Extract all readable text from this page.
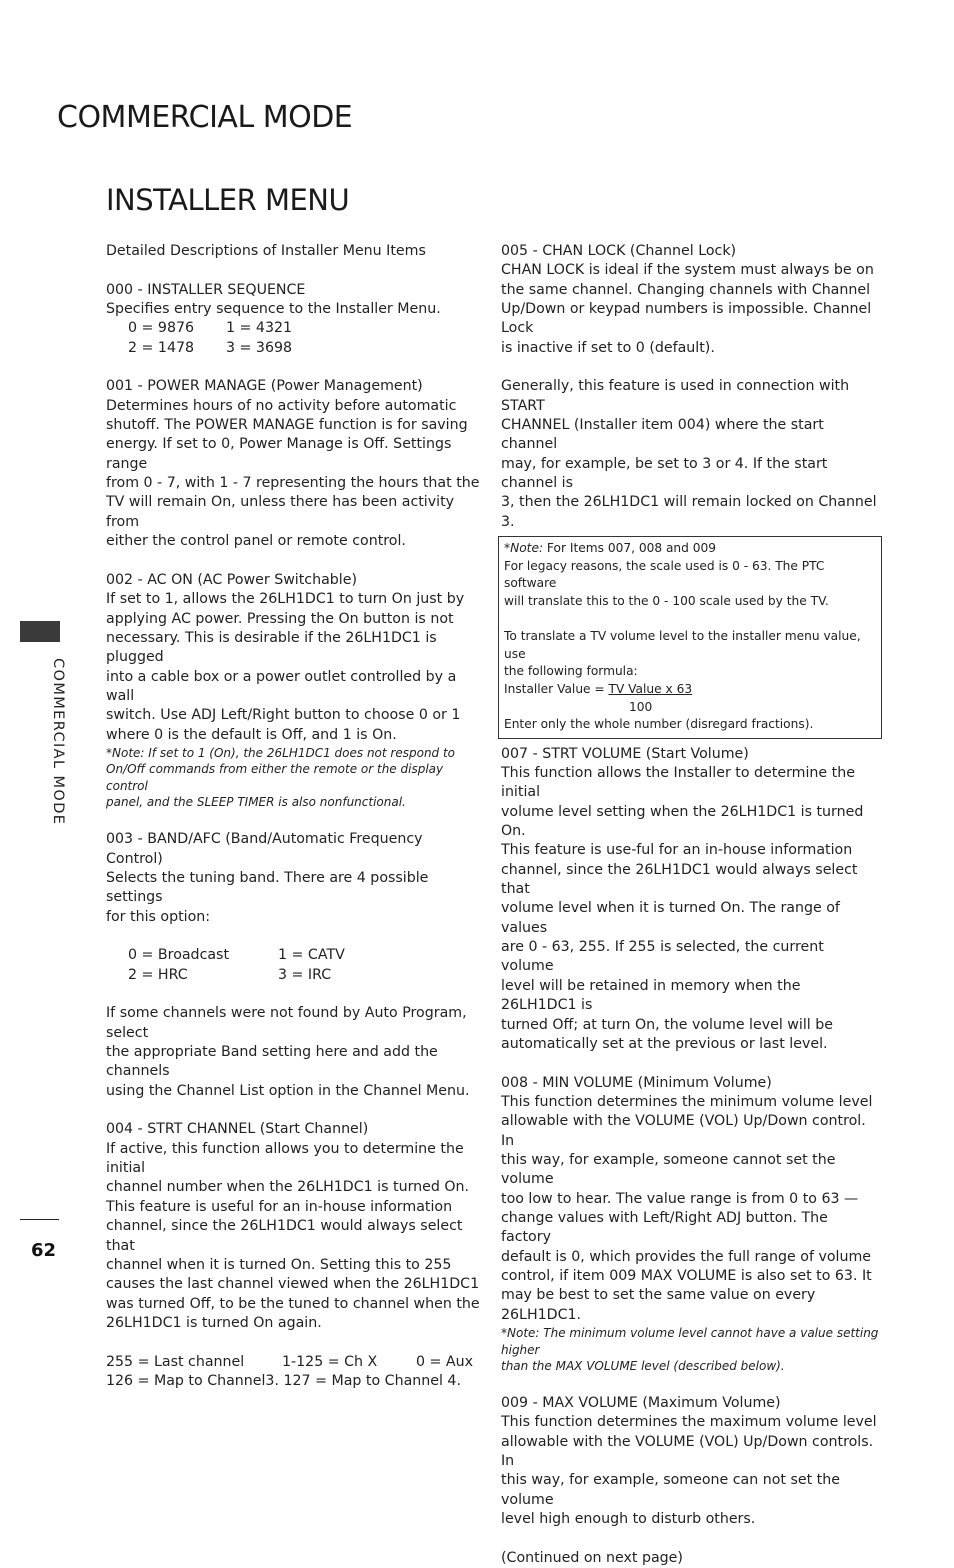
COMMERCIAL MODE
INSTALLER MENU
COMMERCIAL MODE
62
Detailed Descriptions of Installer Menu Items
000 - INSTALLER SEQUENCE
Specifies entry sequence to the Installer Menu.
0 = 9876	1 = 4321
2 = 1478	3 = 3698
001 - POWER MANAGE (Power Management)
Determines hours of no activity before automatic
shutoff. The POWER MANAGE function is for saving
energy. If set to 0, Power Manage is Off. Settings range
from 0 - 7, with 1 - 7 representing the hours that the
TV will remain On, unless there has been activity from
either the control panel or remote control.
002 - AC ON (AC Power Switchable)
If set to 1, allows the 26LH1DC1 to turn On just by
applying AC power. Pressing the On button is not
necessary. This is desirable if the 26LH1DC1 is plugged
into a cable box or a power outlet controlled by a wall
switch. Use ADJ Left/Right button to choose 0 or 1
where 0 is the default is Off, and 1 is On.
*Note: If set to 1 (On), the 26LH1DC1 does not respond to
On/Off commands from either the remote or the display control
panel, and the SLEEP TIMER is also nonfunctional.
003 - BAND/AFC (Band/Automatic Frequency
Control)
Selects the tuning band. There are 4 possible settings
for this option:
0 = Broadcast	1 = CATV
2 = HRC	3 = IRC
If some channels were not found by Auto Program, select
the appropriate Band setting here and add the channels
using the Channel List option in the Channel Menu.
004 - STRT CHANNEL (Start Channel)
If active, this function allows you to determine the initial
channel number when the 26LH1DC1 is turned On.
This feature is useful for an in-house information
channel, since the 26LH1DC1 would always select that
channel when it is turned On. Setting this to 255
causes the last channel viewed when the 26LH1DC1
was turned Off, to be the tuned to channel when the
26LH1DC1 is turned On again.
255 = Last channel	1-125 = Ch X	0 = Aux
126 = Map to Channel3. 127 = Map to Channel 4.
005 - CHAN LOCK (Channel Lock)
CHAN LOCK is ideal if the system must always be on
the same channel. Changing channels with Channel
Up/Down or keypad numbers is impossible. Channel Lock
is inactive if set to 0 (default).
Generally, this feature is used in connection with START
CHANNEL (Installer item 004) where the start channel
may, for example, be set to 3 or 4. If the start channel is
3, then the 26LH1DC1 will remain locked on Channel 3.
*Note: For Items 007, 008 and 009
For legacy reasons, the scale used is 0 - 63. The PTC software
will translate this to the 0 - 100 scale used by the TV.
To translate a TV volume level to the installer menu value, use
the following formula:
Installer Value = TV Value x 63
100
Enter only the whole number (disregard fractions).
007 - STRT VOLUME (Start Volume)
This function allows the Installer to determine the initial
volume level setting when the 26LH1DC1 is turned On.
This feature is use-ful for an in-house information
channel, since the 26LH1DC1 would always select that
volume level when it is turned On. The range of values
are 0 - 63, 255. If 255 is selected, the current volume
level will be retained in memory when the 26LH1DC1 is
turned Off; at turn On, the volume level will be
automatically set at the previous or last level.
008 - MIN VOLUME (Minimum Volume)
This function determines the minimum volume level
allowable with the VOLUME (VOL) Up/Down control. In
this way, for example, someone cannot set the volume
too low to hear. The value range is from 0 to 63 —
change values with Left/Right ADJ button. The factory
default is 0, which provides the full range of volume
control, if item 009 MAX VOLUME is also set to 63. It
may be best to set the same value on every
26LH1DC1.
*Note: The minimum volume level cannot have a value setting higher
than the MAX VOLUME level (described below).
009 - MAX VOLUME (Maximum Volume)
This function determines the maximum volume level
allowable with the VOLUME (VOL) Up/Down controls. In
this way, for example, someone can not set the volume
level high enough to disturb others.
(Continued on next page)
